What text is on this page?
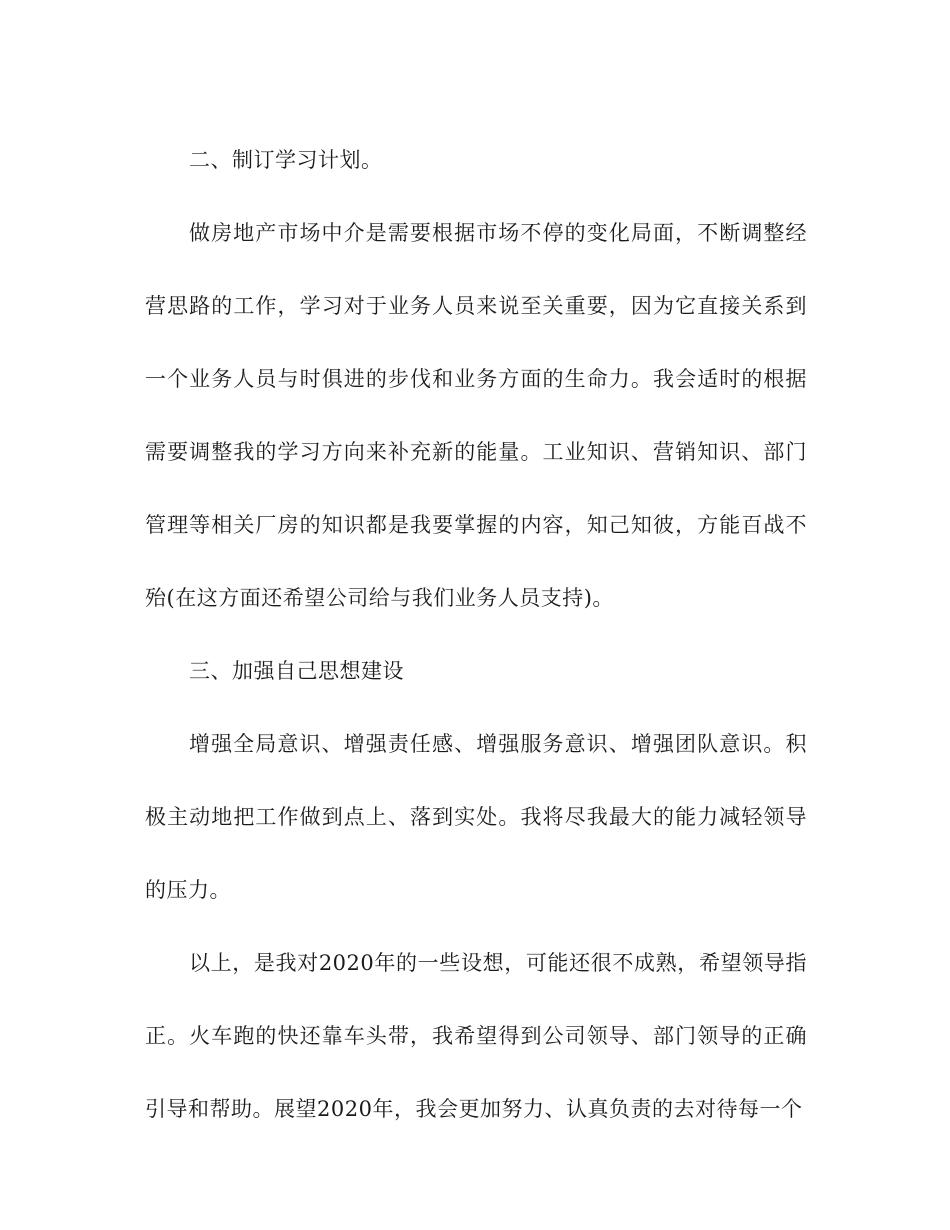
二、制订学习计划。

做房地产市场中介是需要根据市场不停的变化局面，不断调整经营思路的工作，学习对于业务人员来说至关重要，因为它直接关系到一个业务人员与时俱进的步伐和业务方面的生命力。我会适时的根据需要调整我的学习方向来补充新的能量。工业知识、营销知识、部门管理等相关厂房的知识都是我要掌握的内容，知己知彼，方能百战不殆(在这方面还希望公司给与我们业务人员支持)。

三、加强自己思想建设

增强全局意识、增强责任感、增强服务意识、增强团队意识。积极主动地把工作做到点上、落到实处。我将尽我最大的能力减轻领导的压力。

以上，是我对2020年的一些设想，可能还很不成熟，希望领导指正。火车跑的快还靠车头带，我希望得到公司领导、部门领导的正确引导和帮助。展望2020年，我会更加努力、认真负责的去对待每一个
